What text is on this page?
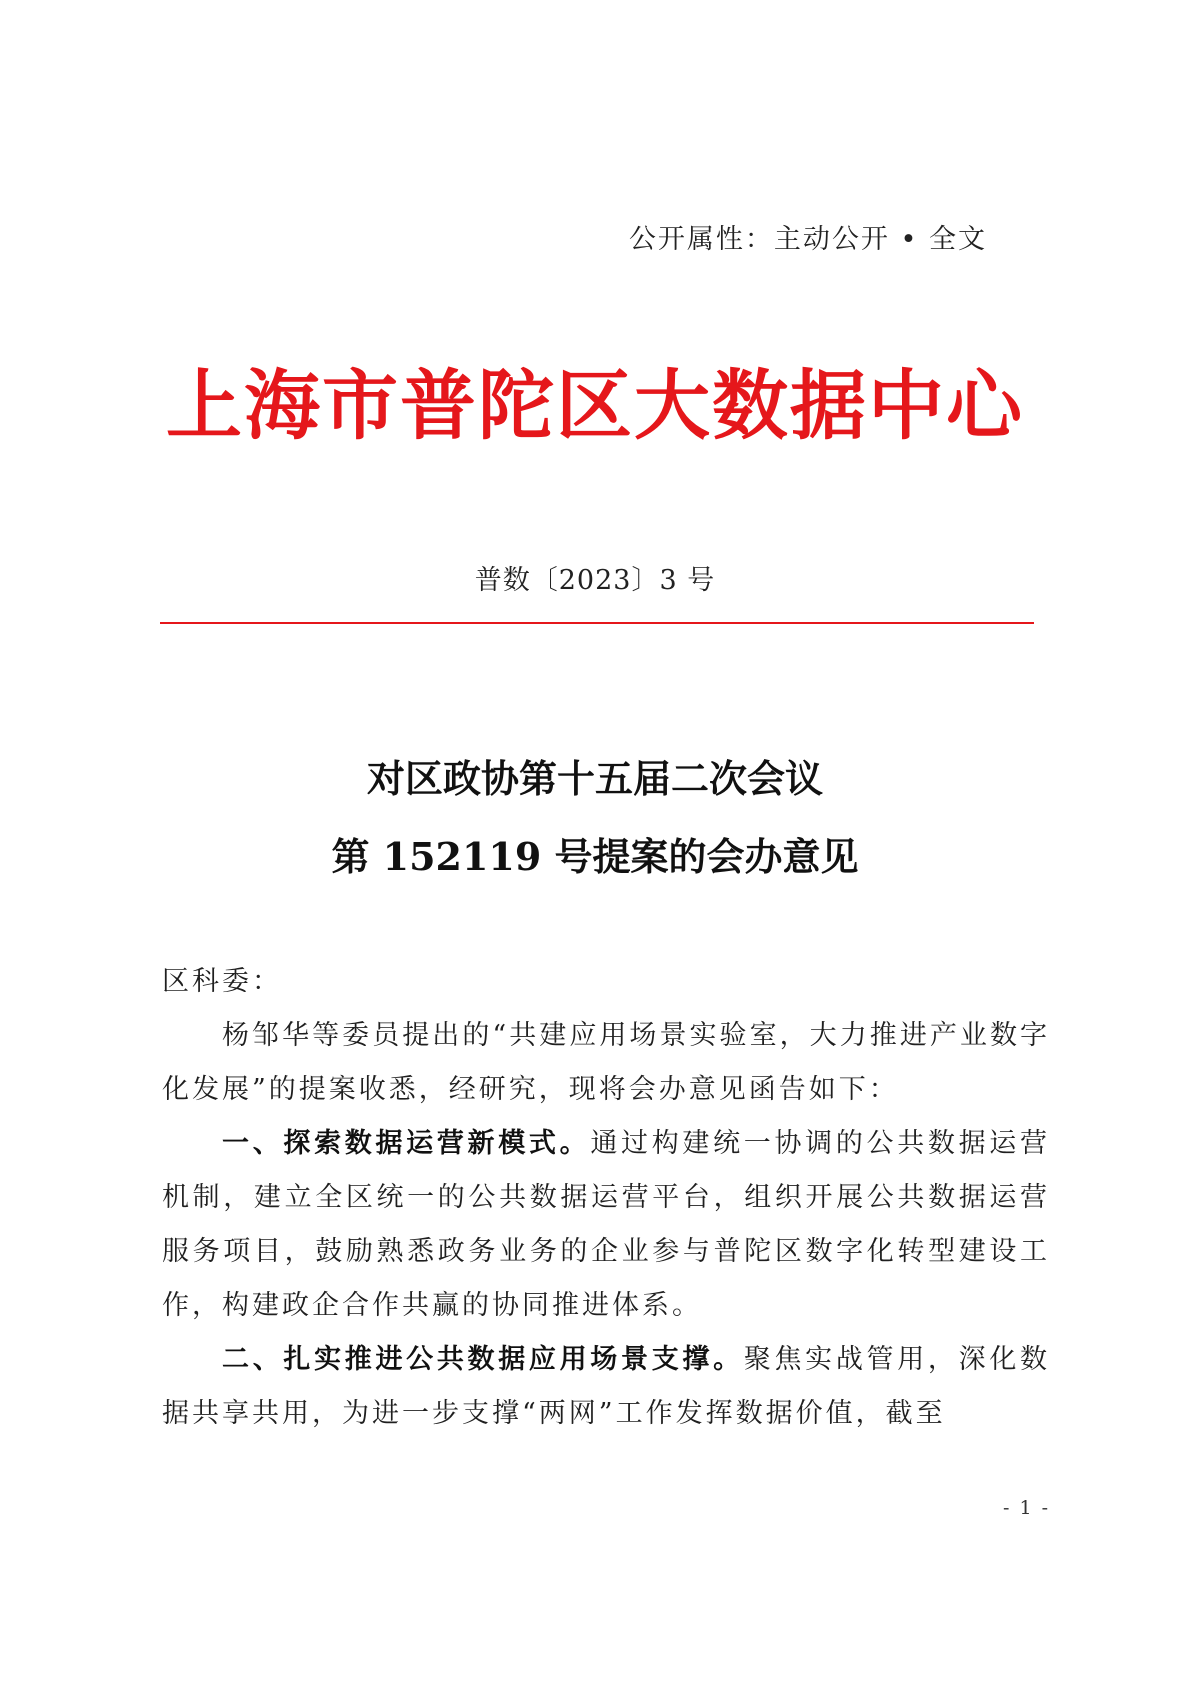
公开属性：主动公开 • 全文
上海市普陀区大数据中心
普数〔2023〕3 号
对区政协第十五届二次会议
第 152119 号提案的会办意见

区科委：

杨邹华等委员提出的“共建应用场景实验室，大力推进产业数字化发展”的提案收悉，经研究，现将会办意见函告如下：

一、探索数据运营新模式。通过构建统一协调的公共数据运营机制，建立全区统一的公共数据运营平台，组织开展公共数据运营服务项目，鼓励熟悉政务业务的企业参与普陀区数字化转型建设工作，构建政企合作共赢的协同推进体系。

二、扎实推进公共数据应用场景支撑。聚焦实战管用，深化数据共享共用，为进一步支撑“两网”工作发挥数据价值，截至

- 1 -
